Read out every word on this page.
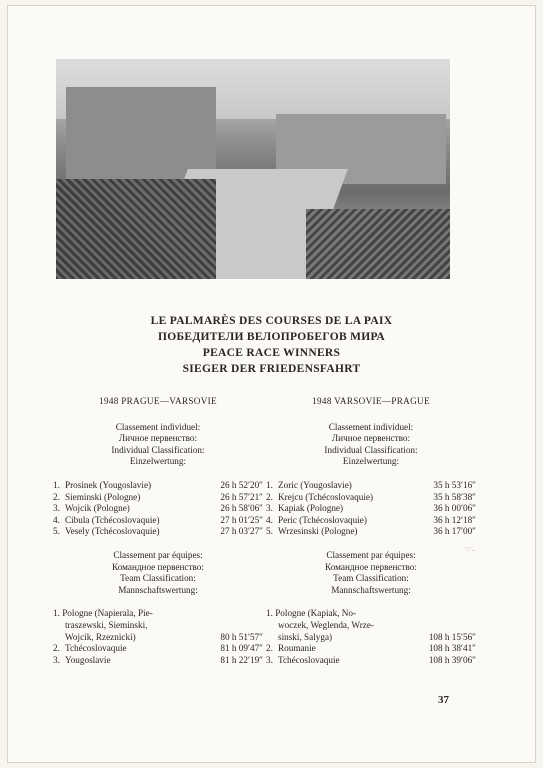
LE PALMARÈS DES COURSES DE LA PAIX
ПОБЕДИТЕЛИ ВЕЛОПРОБЕГОВ МИРА
PEACE RACE WINNERS
SIEGER DER FRIEDENSFAHRT
1948 PRAGUE—VARSOVIE
Classement individuel:
Личное первенство:
Individual Classification:
Einzelwertung:
1. Prosinek (Yougoslavie)	26 h 52′20″
2. Sieminski (Pologne)	26 h 57′21″
3. Wojcik (Pologne)	26 h 58′06″
4. Cibula (Tchécoslovaquie)	27 h 01′25″
5. Vesely (Tchécoslovaquie)	27 h 03′27″
Classement par équipes:
Командное первенство:
Team Classification:
Mannschaftswertung:
1. Pologne (Napierala, Pie-
traszewski, Sieminski,
Wojcik, Rzeznicki)	80 h 51′57″
2. Tchécoslovaquie	81 h 09′47″
3. Yougoslavie	81 h 22′19″
1948 VARSOVIE—PRAGUE
Classement individuel:
Личное первенство:
Individual Classification:
Einzelwertung:
1. Zoric (Yougoslavie)	35 h 53′16″
2. Krejcu (Tchécoslovaquie)	35 h 58′38″
3. Kapiak (Pologne)	36 h 00′06″
4. Peric (Tchécoslovaquie)	36 h 12′18″
5. Wrzesinski (Pologne)	36 h 17′00″
Classement par équipes:
Командное первенство:
Team Classification:
Mannschaftswertung:
1. Pologne (Kapiak, No-
woczek, Weglenda, Wrze-
sinski, Salyga)	108 h 15′56″
2. Roumanie	108 h 38′41″
3. Tchécoslovaquie	108 h 39′06″
·:·..
37
